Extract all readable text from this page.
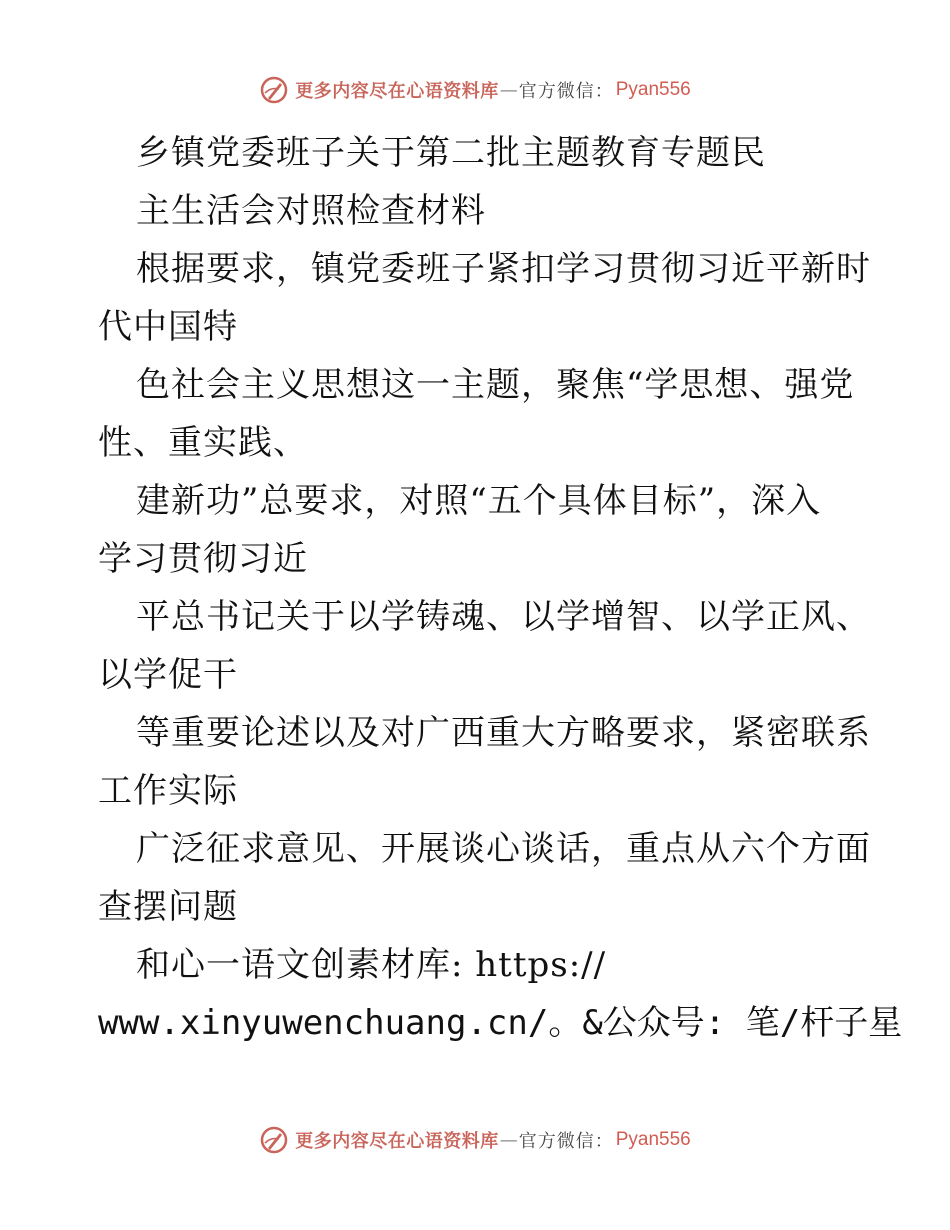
更多内容尽在心语资料库 — 官方微信： Pyan556
乡镇党委班子关于第二批主题教育专题民
主生活会对照检查材料
根据要求，镇党委班子紧扣学习贯彻习近平新时
代中国特
色社会主义思想这一主题，聚焦“学思想、强党
性、重实践、
建新功”总要求，对照“五个具体目标”，深入
学习贯彻习近
平总书记关于以学铸魂、以学增智、以学正风、
以学促干
等重要论述以及对广西重大方略要求，紧密联系
工作实际
广泛征求意见、开展谈心谈话，重点从六个方面
查摆问题
和心一语文创素材库: https://
www.xinyuwenchuang.cn/。&公众号: 笔/杆子星
更多内容尽在心语资料库 — 官方微信： Pyan556
